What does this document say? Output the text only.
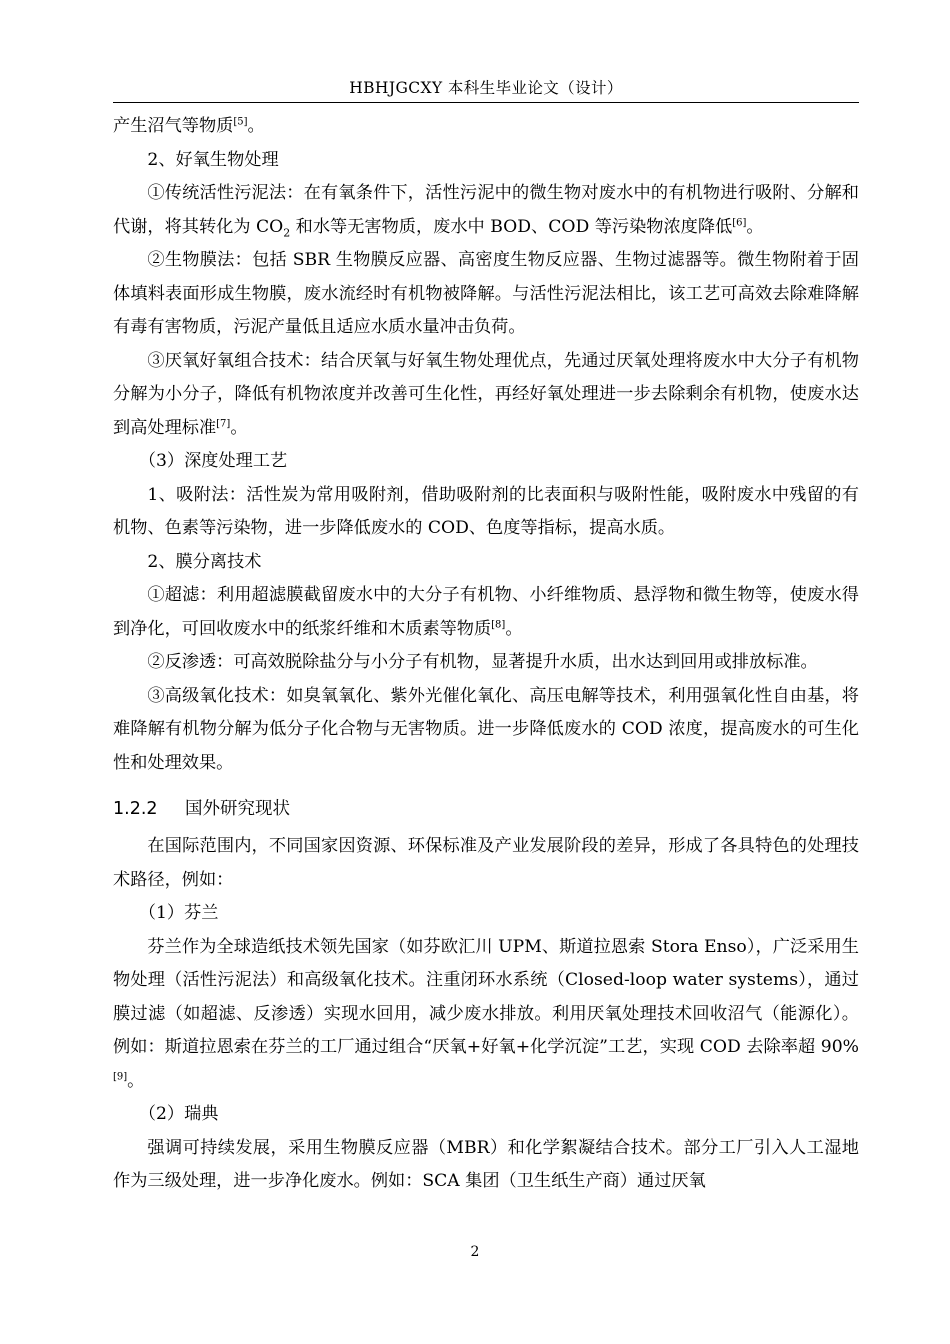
HBHJGCXY 本科生毕业论文（设计）

产生沼气等物质[5]。

2、好氧生物处理

①传统活性污泥法：在有氧条件下，活性污泥中的微生物对废水中的有机物进行吸附、分解和代谢，将其转化为 $CO_2$ 和水等无害物质，废水中 BOD、COD 等污染物浓度降低[6]。

②生物膜法：包括 SBR 生物膜反应器、高密度生物反应器、生物过滤器等。微生物附着于固体填料表面形成生物膜，废水流经时有机物被降解。与活性污泥法相比，该工艺可高效去除难降解有毒有害物质，污泥产量低且适应水质水量冲击负荷。

③厌氧好氧组合技术：结合厌氧与好氧生物处理优点，先通过厌氧处理将废水中大分子有机物分解为小分子，降低有机物浓度并改善可生化性，再经好氧处理进一步去除剩余有机物，使废水达到高处理标准[7]。

（3）深度处理工艺

1、吸附法：活性炭为常用吸附剂，借助吸附剂的比表面积与吸附性能，吸附废水中残留的有机物、色素等污染物，进一步降低废水的 COD、色度等指标，提高水质。

2、膜分离技术

①超滤：利用超滤膜截留废水中的大分子有机物、小纤维物质、悬浮物和微生物等，使废水得到净化，可回收废水中的纸浆纤维和木质素等物质[8]。

②反渗透：可高效脱除盐分与小分子有机物，显著提升水质，出水达到回用或排放标准。

③高级氧化技术：如臭氧氧化、紫外光催化氧化、高压电解等技术，利用强氧化性自由基，将难降解有机物分解为低分子化合物与无害物质。进一步降低废水的 COD 浓度，提高废水的可生化性和处理效果。

1.2.2 国外研究现状

在国际范围内，不同国家因资源、环保标准及产业发展阶段的差异，形成了各具特色的处理技术路径，例如：

（1）芬兰

芬兰作为全球造纸技术领先国家（如芬欧汇川 UPM、斯道拉恩索 Stora Enso），广泛采用生物处理（活性污泥法）和高级氧化技术。注重闭环水系统（Closed-loop water systems），通过膜过滤（如超滤、反渗透）实现水回用，减少废水排放。利用厌氧处理技术回收沼气（能源化）。例如：斯道拉恩索在芬兰的工厂通过组合“厌氧+好氧+化学沉淀”工艺，实现 COD 去除率超 90%[9]。

（2）瑞典

强调可持续发展，采用生物膜反应器（MBR）和化学絮凝结合技术。部分工厂引入人工湿地作为三级处理，进一步净化废水。例如：SCA 集团（卫生纸生产商）通过厌氧

2
